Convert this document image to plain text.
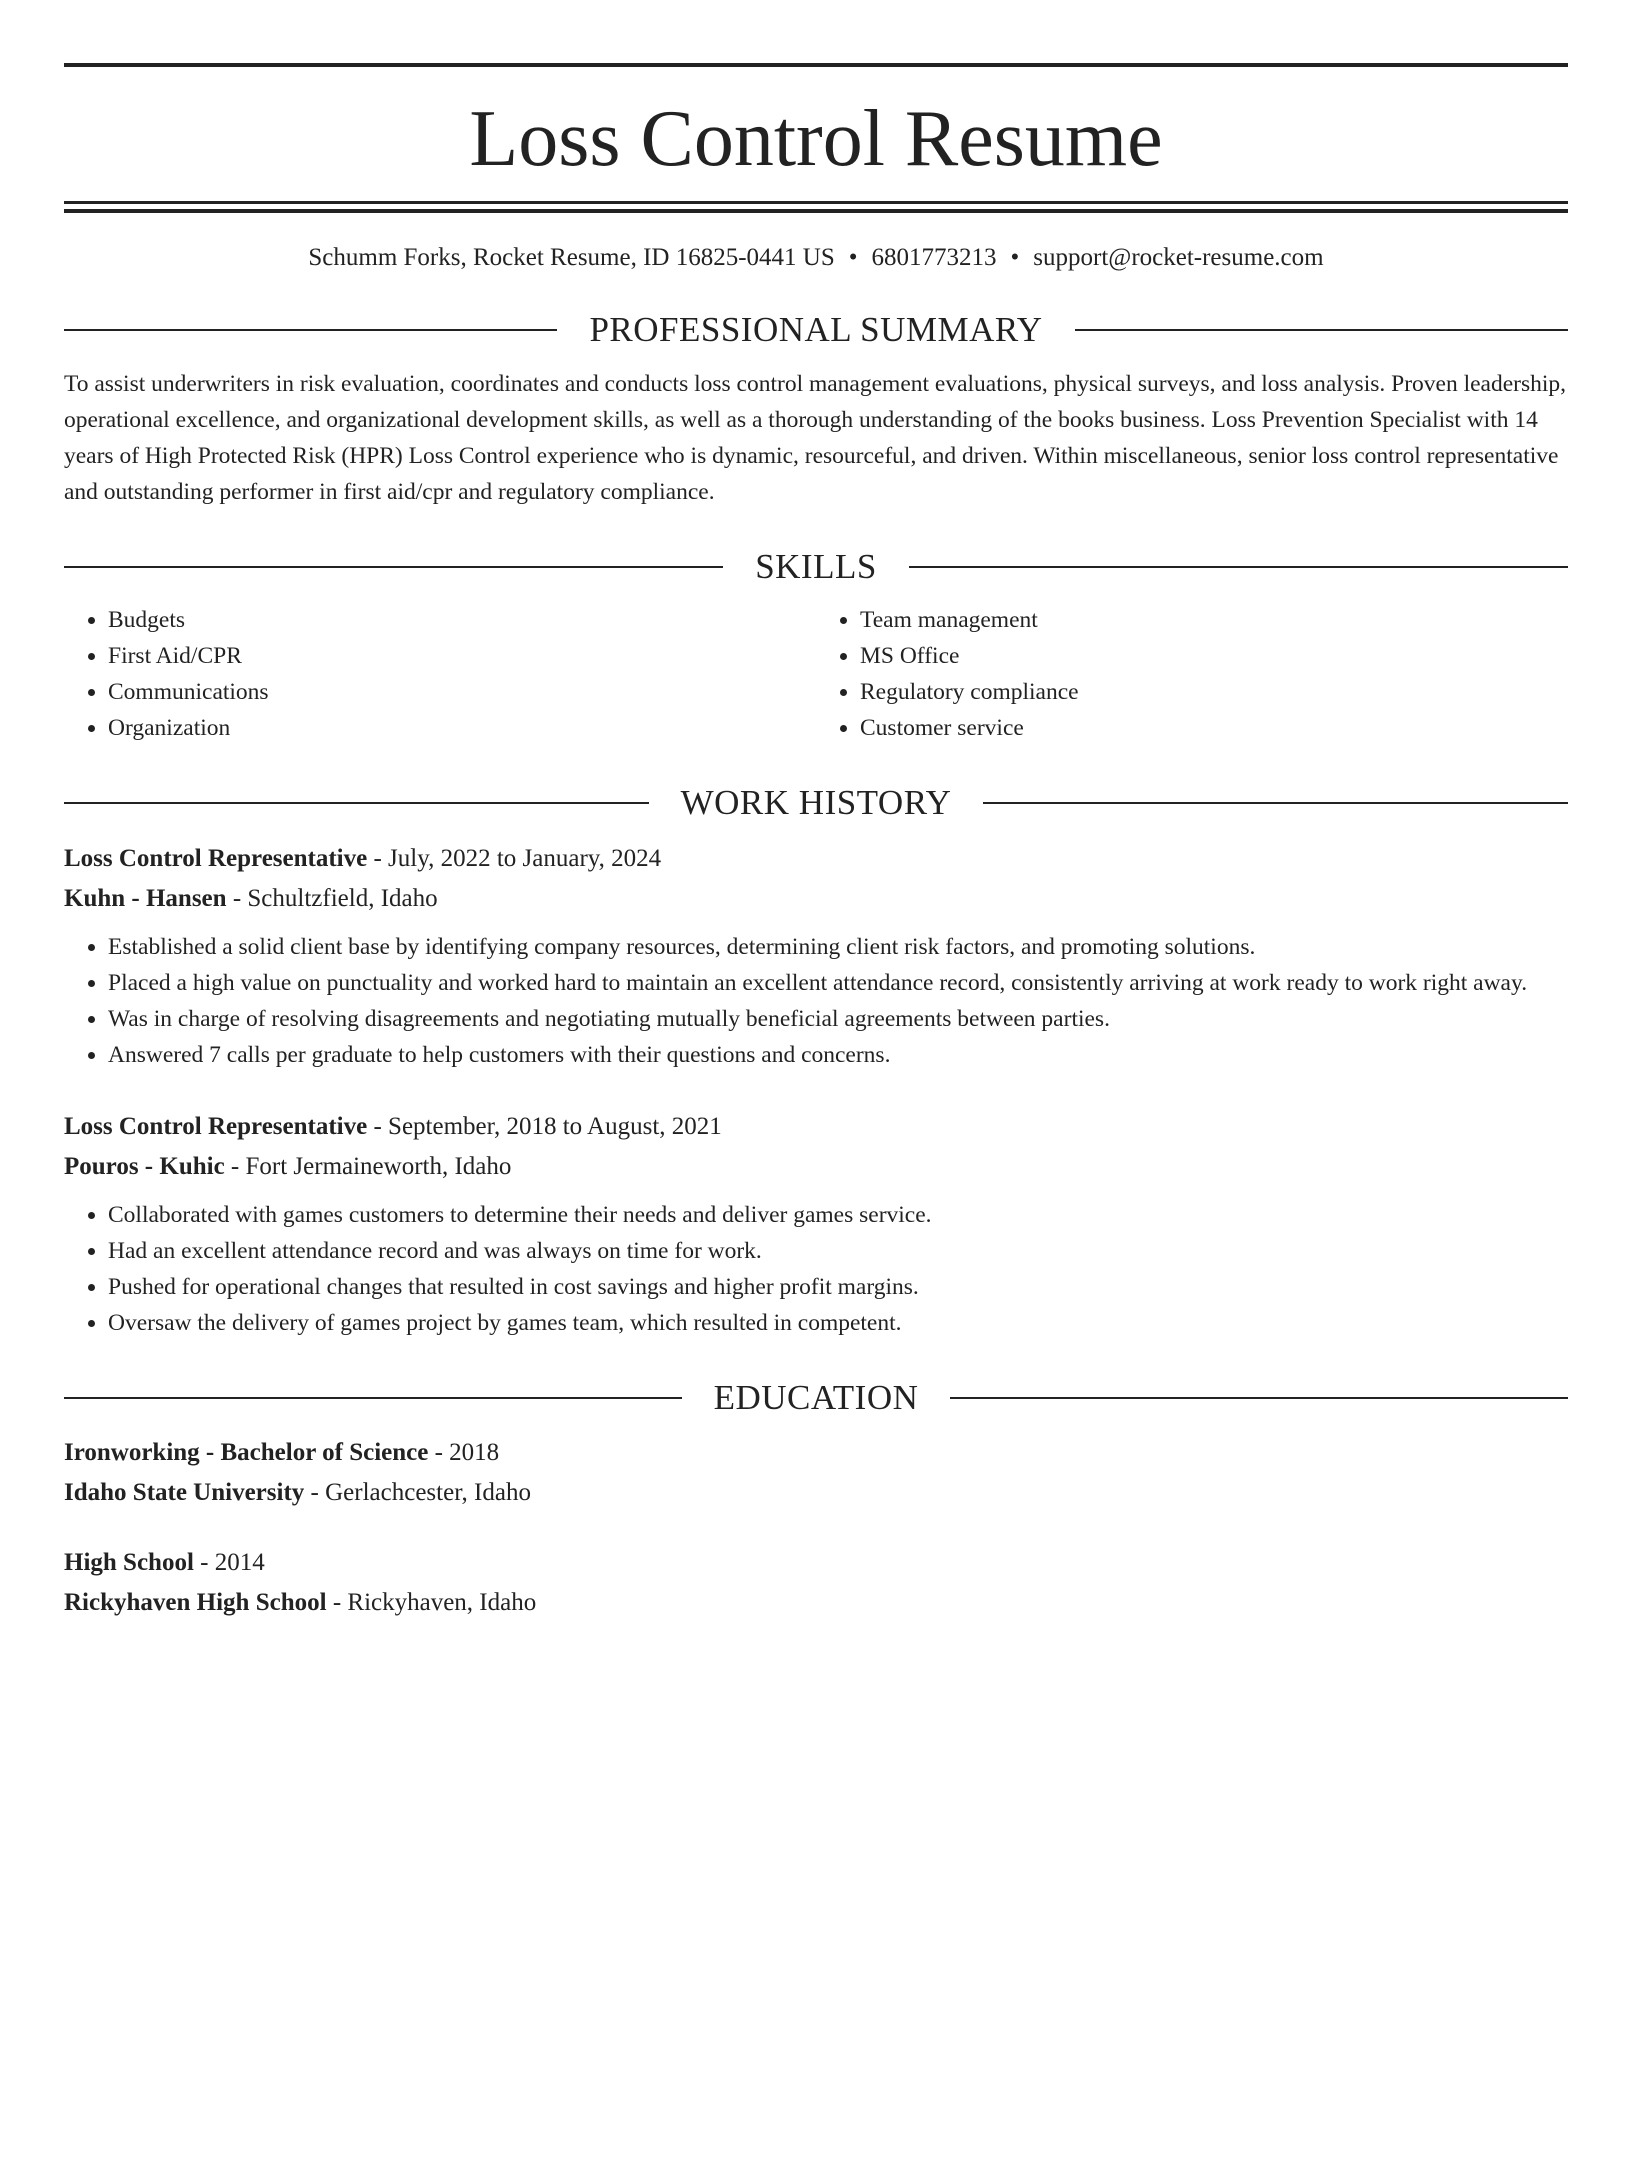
Loss Control Resume
Schumm Forks, Rocket Resume, ID 16825-0441 US • 6801773213 • support@rocket-resume.com
PROFESSIONAL SUMMARY

To assist underwriters in risk evaluation, coordinates and conducts loss control management evaluations, physical surveys, and loss analysis. Proven leadership, operational excellence, and organizational development skills, as well as a thorough understanding of the books business. Loss Prevention Specialist with 14 years of High Protected Risk (HPR) Loss Control experience who is dynamic, resourceful, and driven. Within miscellaneous, senior loss control representative and outstanding performer in first aid/cpr and regulatory compliance.

SKILLS
• Budgets
• First Aid/CPR
• Communications
• Organization
• Team management
• MS Office
• Regulatory compliance
• Customer service
WORK HISTORY
Loss Control Representative - July, 2022 to January, 2024
Kuhn - Hansen - Schultzfield, Idaho
• Established a solid client base by identifying company resources, determining client risk factors, and promoting solutions.
• Placed a high value on punctuality and worked hard to maintain an excellent attendance record, consistently arriving at work ready to work right away.
• Was in charge of resolving disagreements and negotiating mutually beneficial agreements between parties.
• Answered 7 calls per graduate to help customers with their questions and concerns.
Loss Control Representative - September, 2018 to August, 2021
Pouros - Kuhic - Fort Jermaineworth, Idaho
• Collaborated with games customers to determine their needs and deliver games service.
• Had an excellent attendance record and was always on time for work.
• Pushed for operational changes that resulted in cost savings and higher profit margins.
• Oversaw the delivery of games project by games team, which resulted in competent.
EDUCATION
Ironworking - Bachelor of Science - 2018
Idaho State University - Gerlachcester, Idaho
High School - 2014
Rickyhaven High School - Rickyhaven, Idaho
